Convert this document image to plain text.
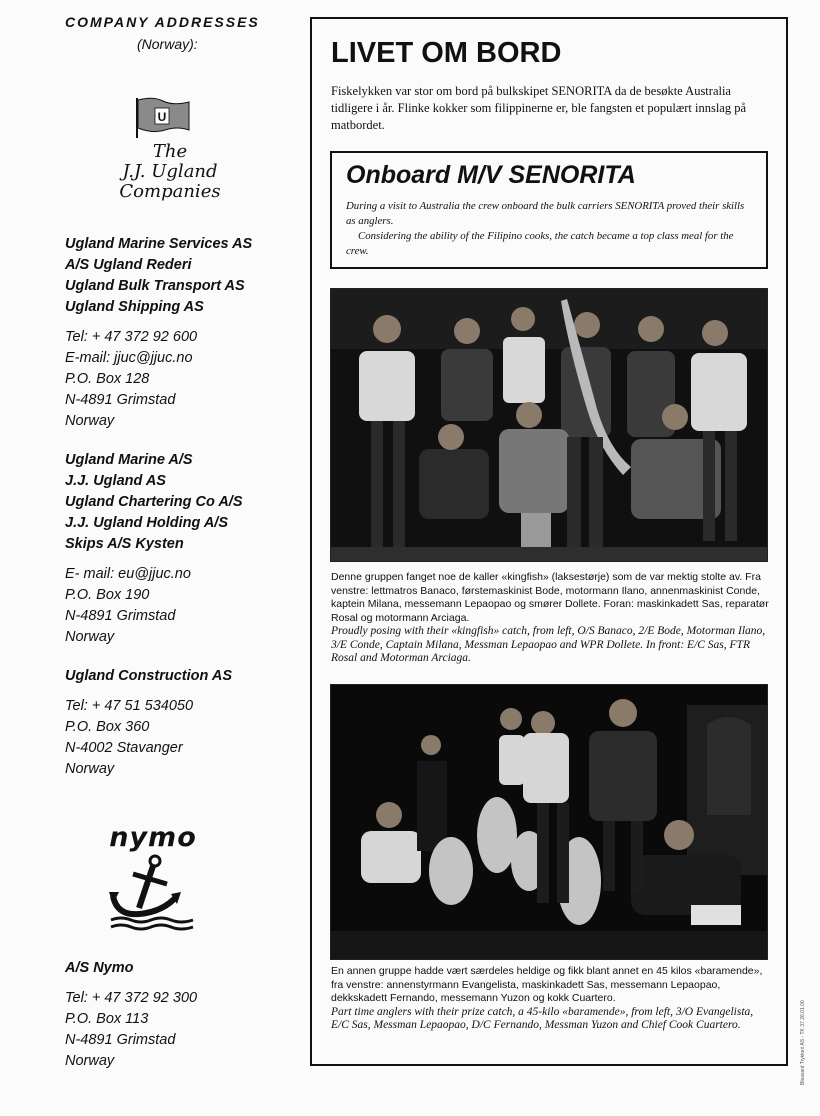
COMPANY ADDRESSES
(Norway):
U
The
J.J. Ugland
Companies
Ugland Marine Services AS
A/S Ugland Rederi
Ugland Bulk Transport AS
Ugland Shipping AS
Tel: + 47 372 92 600
E-mail: jjuc@jjuc.no
P.O. Box 128
N-4891 Grimstad
Norway
Ugland Marine A/S
J.J. Ugland AS
Ugland Chartering Co A/S
J.J. Ugland Holding A/S
Skips A/S Kysten
E- mail: eu@jjuc.no
P.O. Box 190
N-4891 Grimstad
Norway
Ugland Construction AS
Tel: + 47 51 534050
P.O. Box 360
N-4002 Stavanger
Norway
nymo
A/S Nymo
Tel: + 47 372 92 300
P.O. Box 113
N-4891 Grimstad
Norway
LIVET OM BORD
Fiskelykken var stor om bord på bulkskipet SENORITA da de besøkte Australia tidligere i år. Flinke kokker som filippinerne er, ble fangsten et populært innslag på matbordet.
Onboard M/V SENORITA

During a visit to Australia the crew onboard the bulk carriers SENORITA proved their skills as anglers.

Considering the ability of the Filipino cooks, the catch became a top class meal for the crew.

Denne gruppen fanget noe de kaller «kingfish» (laksestørje) som de var mektig stolte av. Fra venstre: lettmatros Banaco, førstemaskinist Bode, motormann Ilano, annenmaskinist Conde, kaptein Milana, messemann Lepaopao og smører Dollete. Foran: maskinkadett Sas, reparatør Rosal og motormann Arciaga.
Proudly posing with their «kingfish» catch, from left, O/S Banaco, 2/E Bode, Motorman Ilano, 3/E Conde, Captain Milana, Messman Lepaopao and WPR Dollete. In front: E/C Sas, FTR Rosal and Motorman Arciaga.
En annen gruppe hadde vært særdeles heldige og fikk blant annet en 45 kilos «baramende», fra venstre: annenstyrmann Evangelista, maskinkadett Sas, messemann Lepaopao, dekkskadett Fernando, messemann Yuzon og kokk Cuartero.
Part time anglers with their prize catch, a 45-kilo «baramende», from left, 3/O Evangelista, E/C Sas, Messman Lepaopao, D/C Fernando, Messman Yuzon and Chief Cook Cuartero.	Bleasant Trykkeri AS - TK 37.26.01.00
